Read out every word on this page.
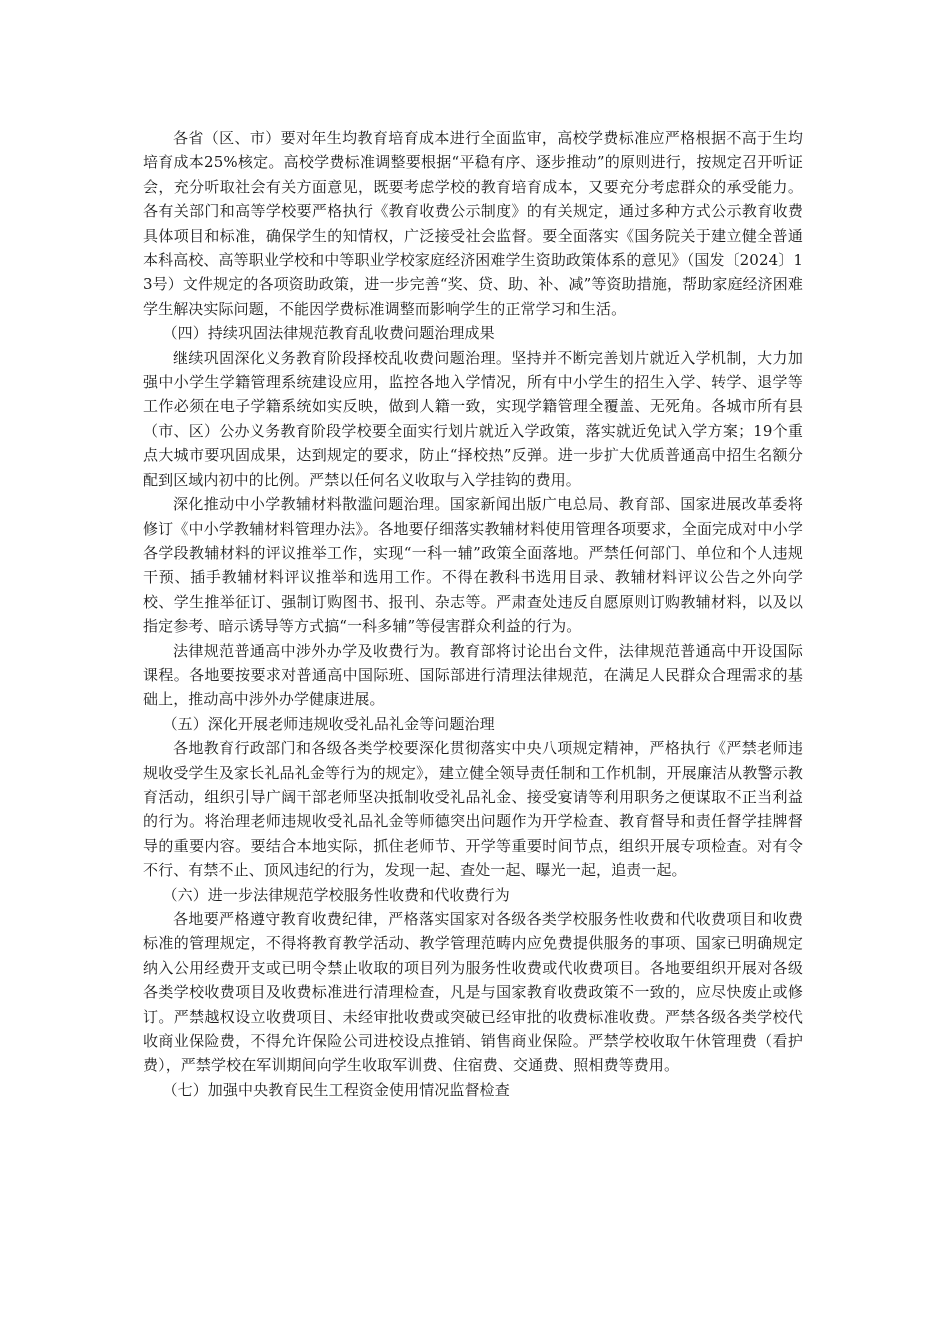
各省（区、市）要对年生均教育培育成本进行全面监审，高校学费标准应严格根据不高于生均培育成本25%核定。高校学费标准调整要根据“平稳有序、逐步推动”的原则进行，按规定召开听证会，充分听取社会有关方面意见，既要考虑学校的教育培育成本，又要充分考虑群众的承受能力。各有关部门和高等学校要严格执行《教育收费公示制度》的有关规定，通过多种方式公示教育收费具体项目和标准，确保学生的知情权，广泛接受社会监督。要全面落实《国务院关于建立健全普通本科高校、高等职业学校和中等职业学校家庭经济困难学生资助政策体系的意见》（国发〔2024〕13号）文件规定的各项资助政策，进一步完善“奖、贷、助、补、减”等资助措施，帮助家庭经济困难学生解决实际问题，不能因学费标准调整而影响学生的正常学习和生活。

（四）持续巩固法律规范教育乱收费问题治理成果

继续巩固深化义务教育阶段择校乱收费问题治理。坚持并不断完善划片就近入学机制，大力加强中小学生学籍管理系统建设应用，监控各地入学情况，所有中小学生的招生入学、转学、退学等工作必须在电子学籍系统如实反映，做到人籍一致，实现学籍管理全覆盖、无死角。各城市所有县（市、区）公办义务教育阶段学校要全面实行划片就近入学政策，落实就近免试入学方案；19个重点大城市要巩固成果，达到规定的要求，防止“择校热”反弹。进一步扩大优质普通高中招生名额分配到区域内初中的比例。严禁以任何名义收取与入学挂钩的费用。

深化推动中小学教辅材料散滥问题治理。国家新闻出版广电总局、教育部、国家进展改革委将修订《中小学教辅材料管理办法》。各地要仔细落实教辅材料使用管理各项要求，全面完成对中小学各学段教辅材料的评议推举工作，实现“一科一辅”政策全面落地。严禁任何部门、单位和个人违规干预、插手教辅材料评议推举和选用工作。不得在教科书选用目录、教辅材料评议公告之外向学校、学生推举征订、强制订购图书、报刊、杂志等。严肃查处违反自愿原则订购教辅材料，以及以指定参考、暗示诱导等方式搞“一科多辅”等侵害群众利益的行为。

法律规范普通高中涉外办学及收费行为。教育部将讨论出台文件，法律规范普通高中开设国际课程。各地要按要求对普通高中国际班、国际部进行清理法律规范，在满足人民群众合理需求的基础上，推动高中涉外办学健康进展。

（五）深化开展老师违规收受礼品礼金等问题治理

各地教育行政部门和各级各类学校要深化贯彻落实中央八项规定精神，严格执行《严禁老师违规收受学生及家长礼品礼金等行为的规定》，建立健全领导责任制和工作机制，开展廉洁从教警示教育活动，组织引导广阔干部老师坚决抵制收受礼品礼金、接受宴请等利用职务之便谋取不正当利益的行为。将治理老师违规收受礼品礼金等师德突出问题作为开学检查、教育督导和责任督学挂牌督导的重要内容。要结合本地实际，抓住老师节、开学等重要时间节点，组织开展专项检查。对有令不行、有禁不止、顶风违纪的行为，发现一起、查处一起、曝光一起，追责一起。

（六）进一步法律规范学校服务性收费和代收费行为

各地要严格遵守教育收费纪律，严格落实国家对各级各类学校服务性收费和代收费项目和收费标准的管理规定，不得将教育教学活动、教学管理范畴内应免费提供服务的事项、国家已明确规定纳入公用经费开支或已明令禁止收取的项目列为服务性收费或代收费项目。各地要组织开展对各级各类学校收费项目及收费标准进行清理检查，凡是与国家教育收费政策不一致的，应尽快废止或修订。严禁越权设立收费项目、未经审批收费或突破已经审批的收费标准收费。严禁各级各类学校代收商业保险费，不得允许保险公司进校设点推销、销售商业保险。严禁学校收取午休管理费（看护费），严禁学校在军训期间向学生收取军训费、住宿费、交通费、照相费等费用。

（七）加强中央教育民生工程资金使用情况监督检查
